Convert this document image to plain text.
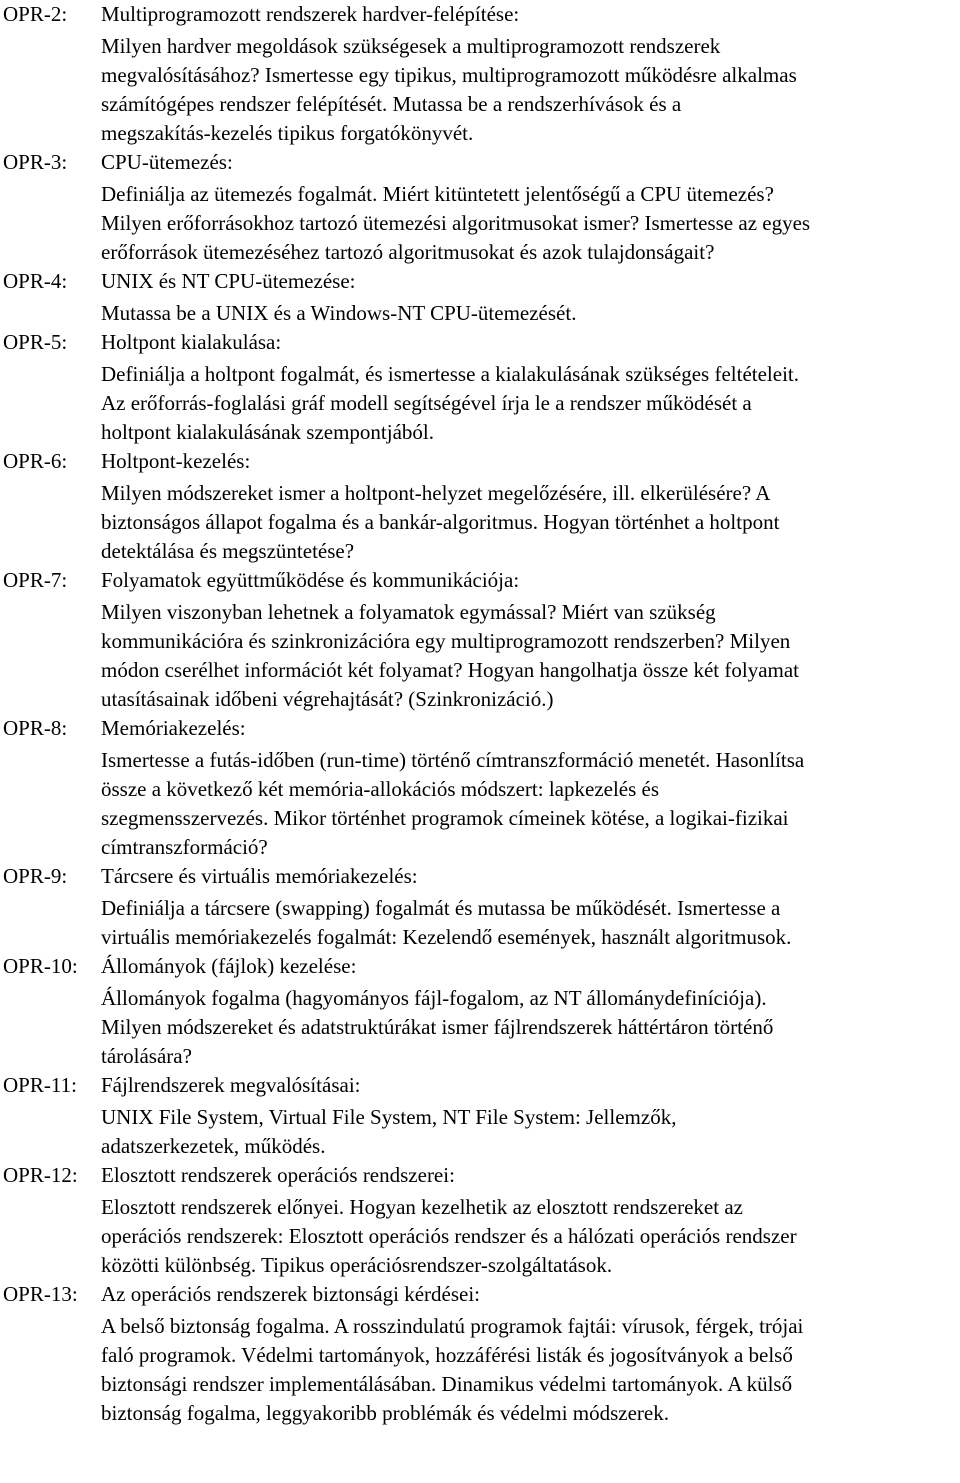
OPR-2: Multiprogramozott rendszerek hardver-felépítése:
Milyen hardver megoldások szükségesek a multiprogramozott rendszerek
megvalósításához? Ismertesse egy tipikus, multiprogramozott működésre alkalmas
számítógépes rendszer felépítését. Mutassa be a rendszerhívások és a
megszakítás-kezelés tipikus forgatókönyvét.
OPR-3: CPU-ütemezés:
Definiálja az ütemezés fogalmát. Miért kitüntetett jelentőségű a CPU ütemezés?
Milyen erőforrásokhoz tartozó ütemezési algoritmusokat ismer? Ismertesse az egyes
erőforrások ütemezéséhez tartozó algoritmusokat és azok tulajdonságait?
OPR-4: UNIX és NT CPU-ütemezése:
Mutassa be a UNIX és a Windows-NT CPU-ütemezését.
OPR-5: Holtpont kialakulása:
Definiálja a holtpont fogalmát, és ismertesse a kialakulásának szükséges feltételeit.
Az erőforrás-foglalási gráf modell segítségével írja le a rendszer működését a
holtpont kialakulásának szempontjából.
OPR-6: Holtpont-kezelés:
Milyen módszereket ismer a holtpont-helyzet megelőzésére, ill. elkerülésére? A
biztonságos állapot fogalma és a bankár-algoritmus. Hogyan történhet a holtpont
detektálása és megszüntetése?
OPR-7: Folyamatok együttműködése és kommunikációja:
Milyen viszonyban lehetnek a folyamatok egymással? Miért van szükség
kommunikációra és szinkronizációra egy multiprogramozott rendszerben? Milyen
módon cserélhet információt két folyamat? Hogyan hangolhatja össze két folyamat
utasításainak időbeni végrehajtását? (Szinkronizáció.)
OPR-8: Memóriakezelés:
Ismertesse a futás-időben (run-time) történő címtranszformáció menetét. Hasonlítsa
össze a következő két memória-allokációs módszert: lapkezelés és
szegmensszervezés. Mikor történhet programok címeinek kötése, a logikai-fizikai
címtranszformáció?
OPR-9: Tárcsere és virtuális memóriakezelés:
Definiálja a tárcsere (swapping) fogalmát és mutassa be működését. Ismertesse a
virtuális memóriakezelés fogalmát: Kezelendő események, használt algoritmusok.
OPR-10: Állományok (fájlok) kezelése:
Állományok fogalma (hagyományos fájl-fogalom, az NT állománydefiníciója).
Milyen módszereket és adatstruktúrákat ismer fájlrendszerek háttértáron történő
tárolására?
OPR-11: Fájlrendszerek megvalósításai:
UNIX File System, Virtual File System, NT File System: Jellemzők,
adatszerkezetek, működés.
OPR-12: Elosztott rendszerek operációs rendszerei:
Elosztott rendszerek előnyei. Hogyan kezelhetik az elosztott rendszereket az
operációs rendszerek: Elosztott operációs rendszer és a hálózati operációs rendszer
közötti különbség. Tipikus operációsrendszer-szolgáltatások.
OPR-13: Az operációs rendszerek biztonsági kérdései:
A belső biztonság fogalma. A rosszindulatú programok fajtái: vírusok, férgek, trójai
faló programok. Védelmi tartományok, hozzáférési listák és jogosítványok a belső
biztonsági rendszer implementálásában. Dinamikus védelmi tartományok. A külső
biztonság fogalma, leggyakoribb problémák és védelmi módszerek.
